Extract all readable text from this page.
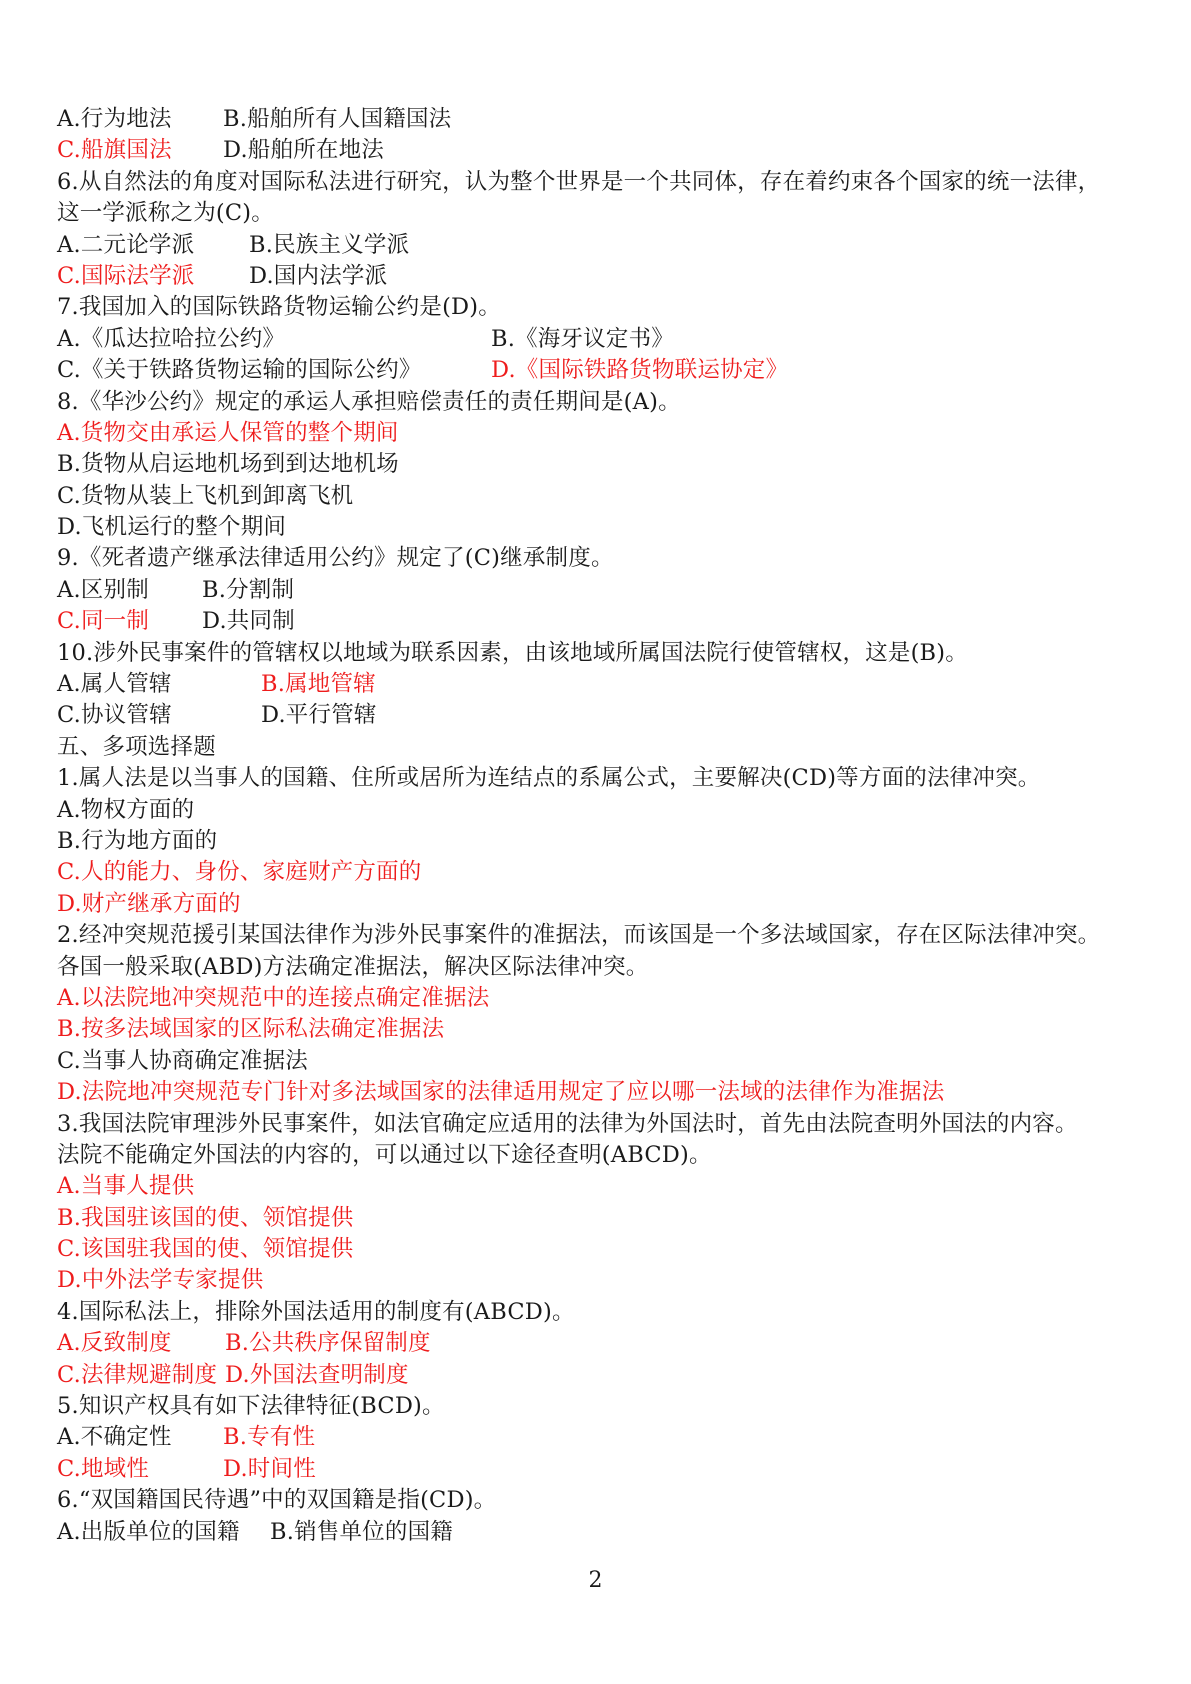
A.行为地法 B.船舶所有人国籍国法
C.船旗国法 D.船舶所在地法
6.从自然法的角度对国际私法进行研究，认为整个世界是一个共同体，存在着约束各个国家的统一法律，
这一学派称之为(C)。
A.二元论学派 B.民族主义学派
C.国际法学派 D.国内法学派
7.我国加入的国际铁路货物运输公约是(D)。
A.《瓜达拉哈拉公约》	B.《海牙议定书》
C.《关于铁路货物运输的国际公约》	D.《国际铁路货物联运协定》
8.《华沙公约》规定的承运人承担赔偿责任的责任期间是(A)。
A.货物交由承运人保管的整个期间
B.货物从启运地机场到到达地机场
C.货物从装上飞机到卸离飞机
D.飞机运行的整个期间
9.《死者遗产继承法律适用公约》规定了(C)继承制度。
A.区别制 B.分割制
C.同一制 D.共同制
10.涉外民事案件的管辖权以地域为联系因素，由该地域所属国法院行使管辖权，这是(B)。
A.属人管辖	B.属地管辖
C.协议管辖	D.平行管辖
五、多项选择题
1.属人法是以当事人的国籍、住所或居所为连结点的系属公式，主要解决(CD)等方面的法律冲突。
A.物权方面的
B.行为地方面的
C.人的能力、身份、家庭财产方面的
D.财产继承方面的
2.经冲突规范援引某国法律作为涉外民事案件的准据法，而该国是一个多法域国家，存在区际法律冲突。
各国一般采取(ABD)方法确定准据法，解决区际法律冲突。
A.以法院地冲突规范中的连接点确定准据法
B.按多法域国家的区际私法确定准据法
C.当事人协商确定准据法
D.法院地冲突规范专门针对多法域国家的法律适用规定了应以哪一法域的法律作为准据法
3.我国法院审理涉外民事案件，如法官确定应适用的法律为外国法时，首先由法院查明外国法的内容。
法院不能确定外国法的内容的，可以通过以下途径查明(ABCD)。
A.当事人提供
B.我国驻该国的使、领馆提供
C.该国驻我国的使、领馆提供
D.中外法学专家提供
4.国际私法上，排除外国法适用的制度有(ABCD)。
A.反致制度 B.公共秩序保留制度
C.法律规避制度 D.外国法查明制度
5.知识产权具有如下法律特征(BCD)。
A.不确定性 B.专有性
C.地域性	D.时间性
6.“双国籍国民待遇”中的双国籍是指(CD)。
A.出版单位的国籍 B.销售单位的国籍
2
